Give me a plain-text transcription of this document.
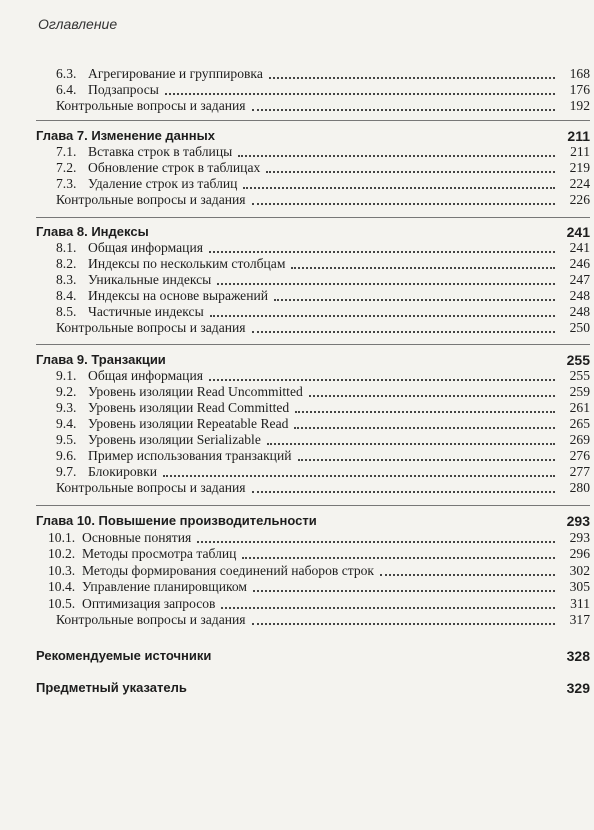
Оглавление
6.3. Агрегирование и группировка	168
6.4. Подзапросы	176
Контрольные вопросы и задания	192
Глава 7. Изменение данных	211
7.1. Вставка строк в таблицы	211
7.2. Обновление строк в таблицах	219
7.3. Удаление строк из таблиц	224
Контрольные вопросы и задания	226
Глава 8. Индексы	241
8.1. Общая информация	241
8.2. Индексы по нескольким столбцам	246
8.3. Уникальные индексы	247
8.4. Индексы на основе выражений	248
8.5. Частичные индексы	248
Контрольные вопросы и задания	250
Глава 9. Транзакции	255
9.1. Общая информация	255
9.2. Уровень изоляции Read Uncommitted	259
9.3. Уровень изоляции Read Committed	261
9.4. Уровень изоляции Repeatable Read	265
9.5. Уровень изоляции Serializable	269
9.6. Пример использования транзакций	276
9.7. Блокировки	277
Контрольные вопросы и задания	280
Глава 10. Повышение производительности	293
10.1. Основные понятия	293
10.2. Методы просмотра таблиц	296
10.3. Методы формирования соединений наборов строк	302
10.4. Управление планировщиком	305
10.5. Оптимизация запросов	311
Контрольные вопросы и задания	317
Рекомендуемые источники	328
Предметный указатель	329
